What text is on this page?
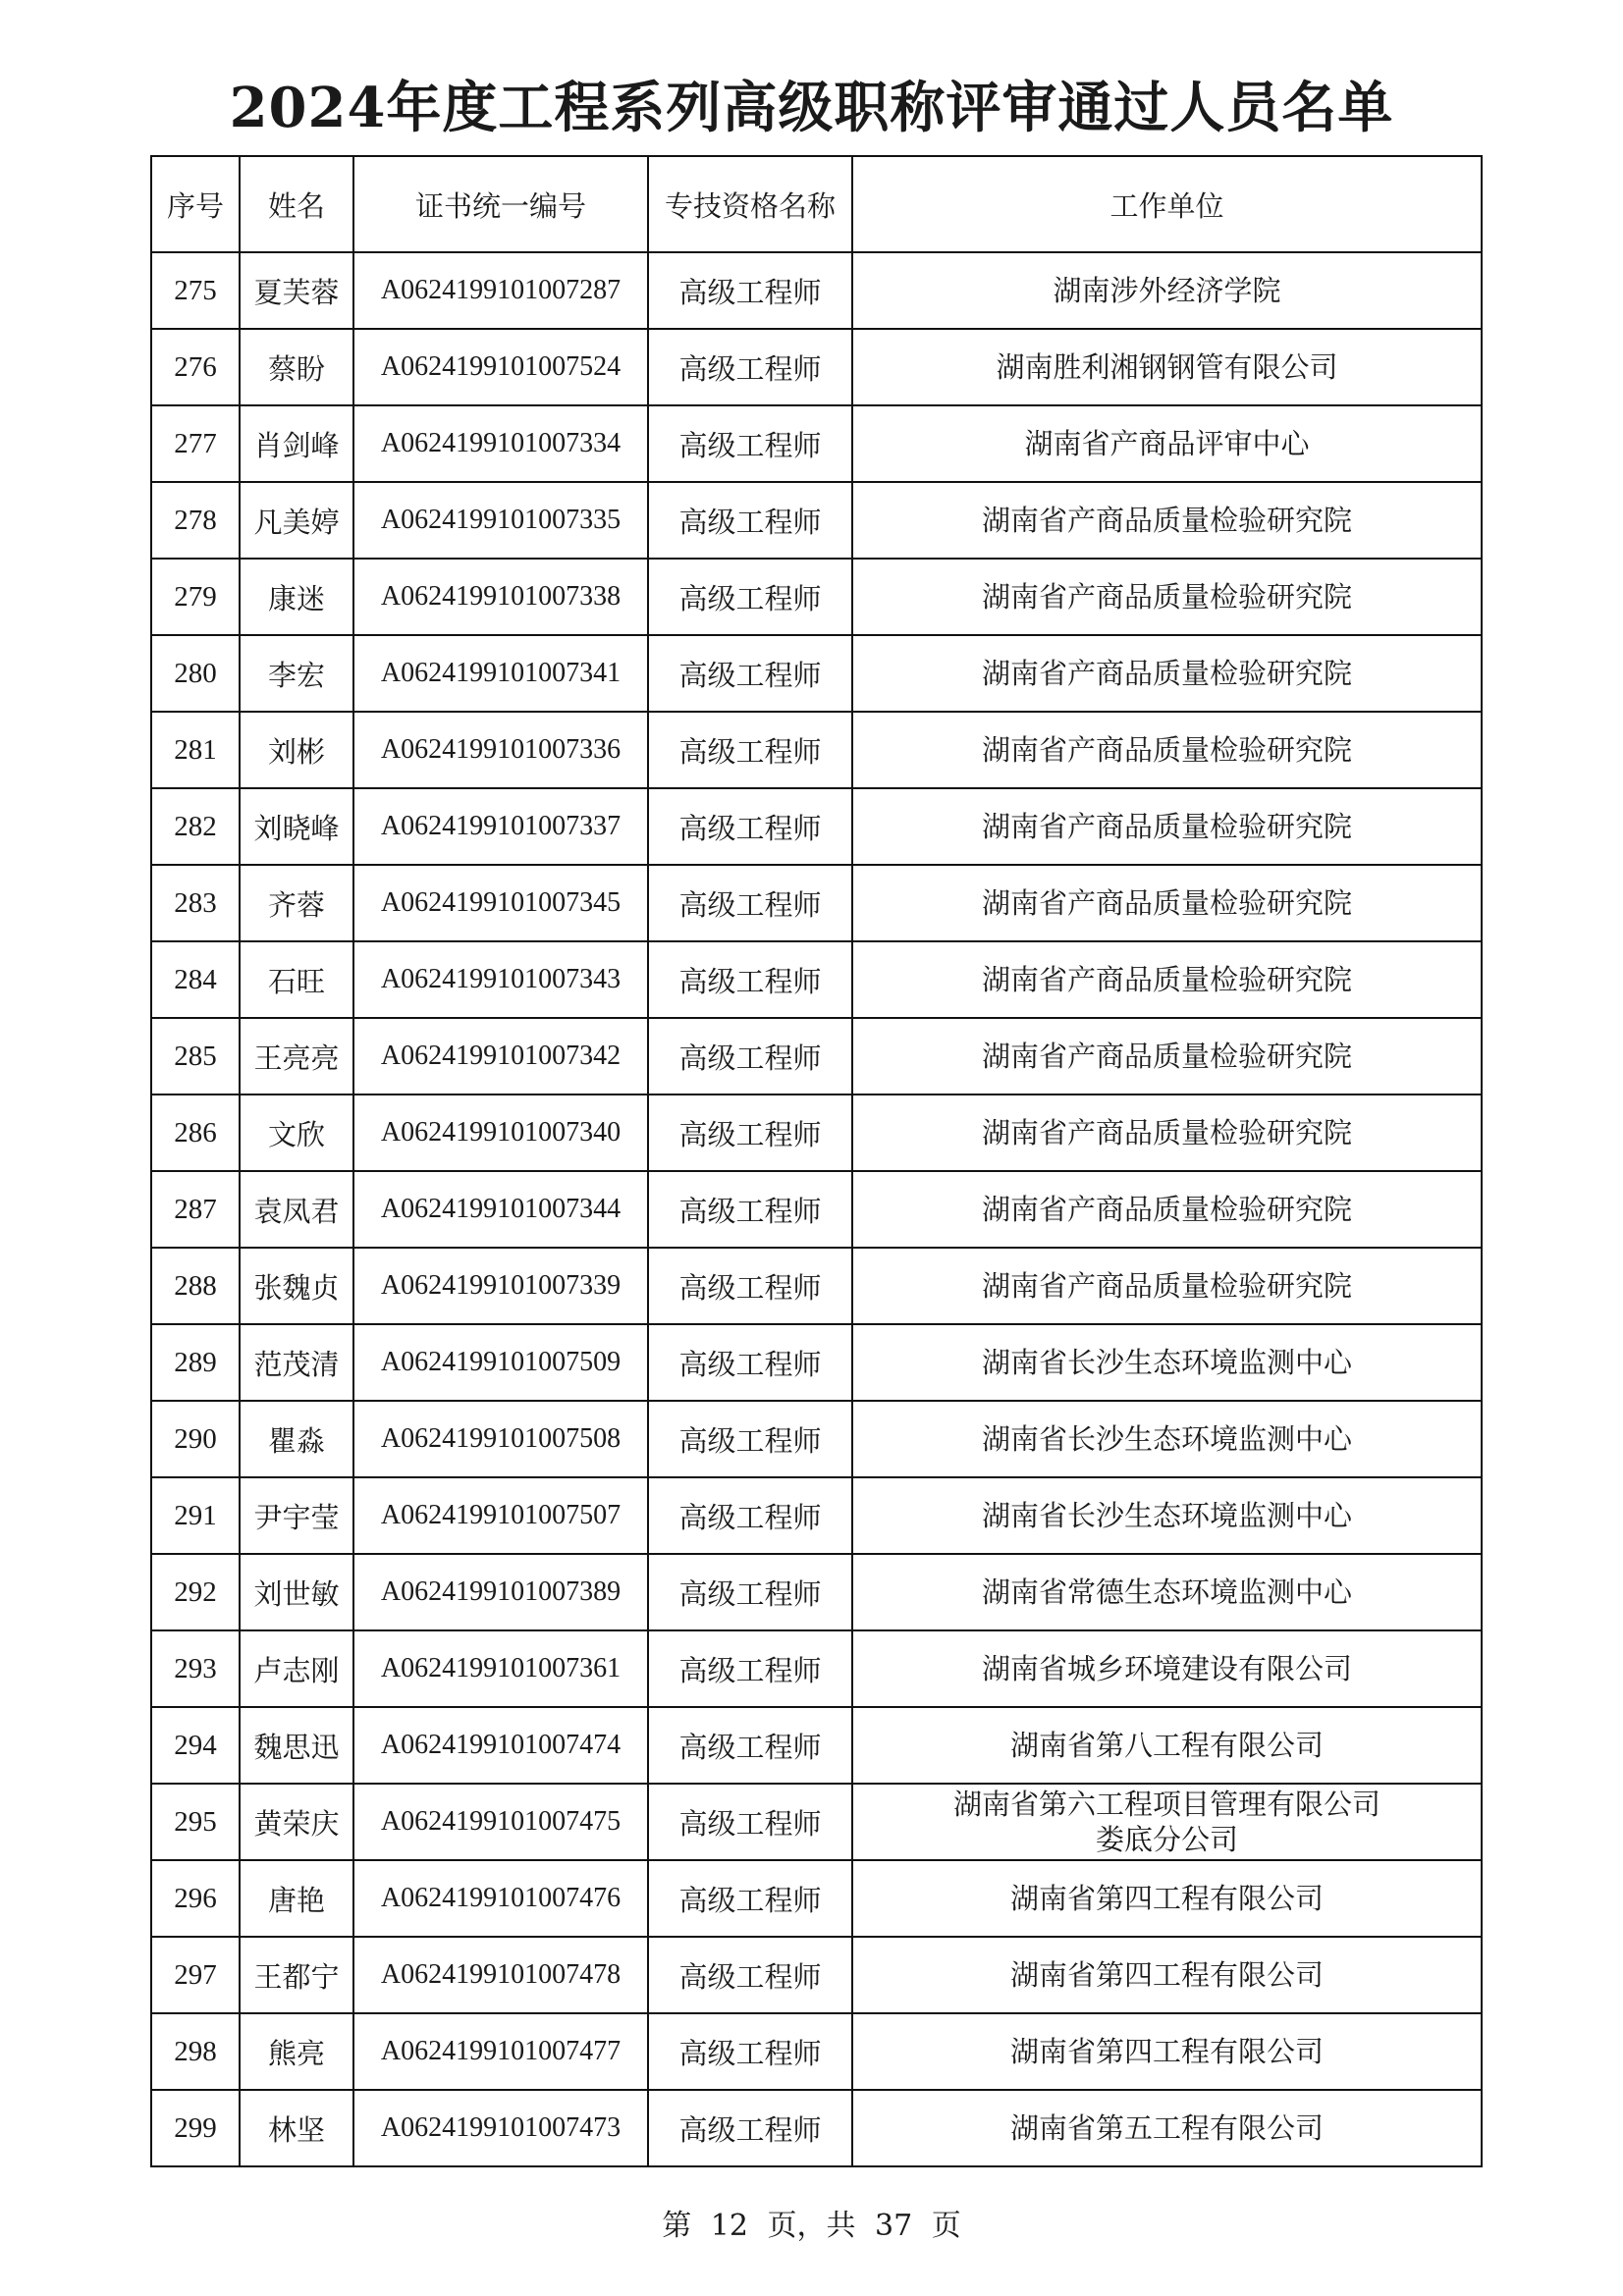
2024年度工程系列高级职称评审通过人员名单
序号	姓名	证书统一编号	专技资格名称	工作单位
275	夏芙蓉	A0624199101007287	高级工程师	湖南涉外经济学院

276	蔡盼	A0624199101007524	高级工程师	湖南胜利湘钢钢管有限公司

277	肖剑峰	A0624199101007334	高级工程师	湖南省产商品评审中心

278	凡美婷	A0624199101007335	高级工程师	湖南省产商品质量检验研究院

279	康迷	A0624199101007338	高级工程师	湖南省产商品质量检验研究院

280	李宏	A0624199101007341	高级工程师	湖南省产商品质量检验研究院

281	刘彬	A0624199101007336	高级工程师	湖南省产商品质量检验研究院

282	刘晓峰	A0624199101007337	高级工程师	湖南省产商品质量检验研究院

283	齐蓉	A0624199101007345	高级工程师	湖南省产商品质量检验研究院

284	石旺	A0624199101007343	高级工程师	湖南省产商品质量检验研究院

285	王亮亮	A0624199101007342	高级工程师	湖南省产商品质量检验研究院

286	文欣	A0624199101007340	高级工程师	湖南省产商品质量检验研究院

287	袁凤君	A0624199101007344	高级工程师	湖南省产商品质量检验研究院

288	张魏贞	A0624199101007339	高级工程师	湖南省产商品质量检验研究院

289	范茂清	A0624199101007509	高级工程师	湖南省长沙生态环境监测中心

290	瞿淼	A0624199101007508	高级工程师	湖南省长沙生态环境监测中心

291	尹宇莹	A0624199101007507	高级工程师	湖南省长沙生态环境监测中心

292	刘世敏	A0624199101007389	高级工程师	湖南省常德生态环境监测中心

293	卢志刚	A0624199101007361	高级工程师	湖南省城乡环境建设有限公司

294	魏思迅	A0624199101007474	高级工程师	湖南省第八工程有限公司

295	黄荣庆	A0624199101007475	高级工程师	湖南省第六工程项目管理有限公司
娄底分公司

296	唐艳	A0624199101007476	高级工程师	湖南省第四工程有限公司

297	王都宁	A0624199101007478	高级工程师	湖南省第四工程有限公司

298	熊亮	A0624199101007477	高级工程师	湖南省第四工程有限公司

299	林坚	A0624199101007473	高级工程师	湖南省第五工程有限公司
第 12 页，共 37 页
